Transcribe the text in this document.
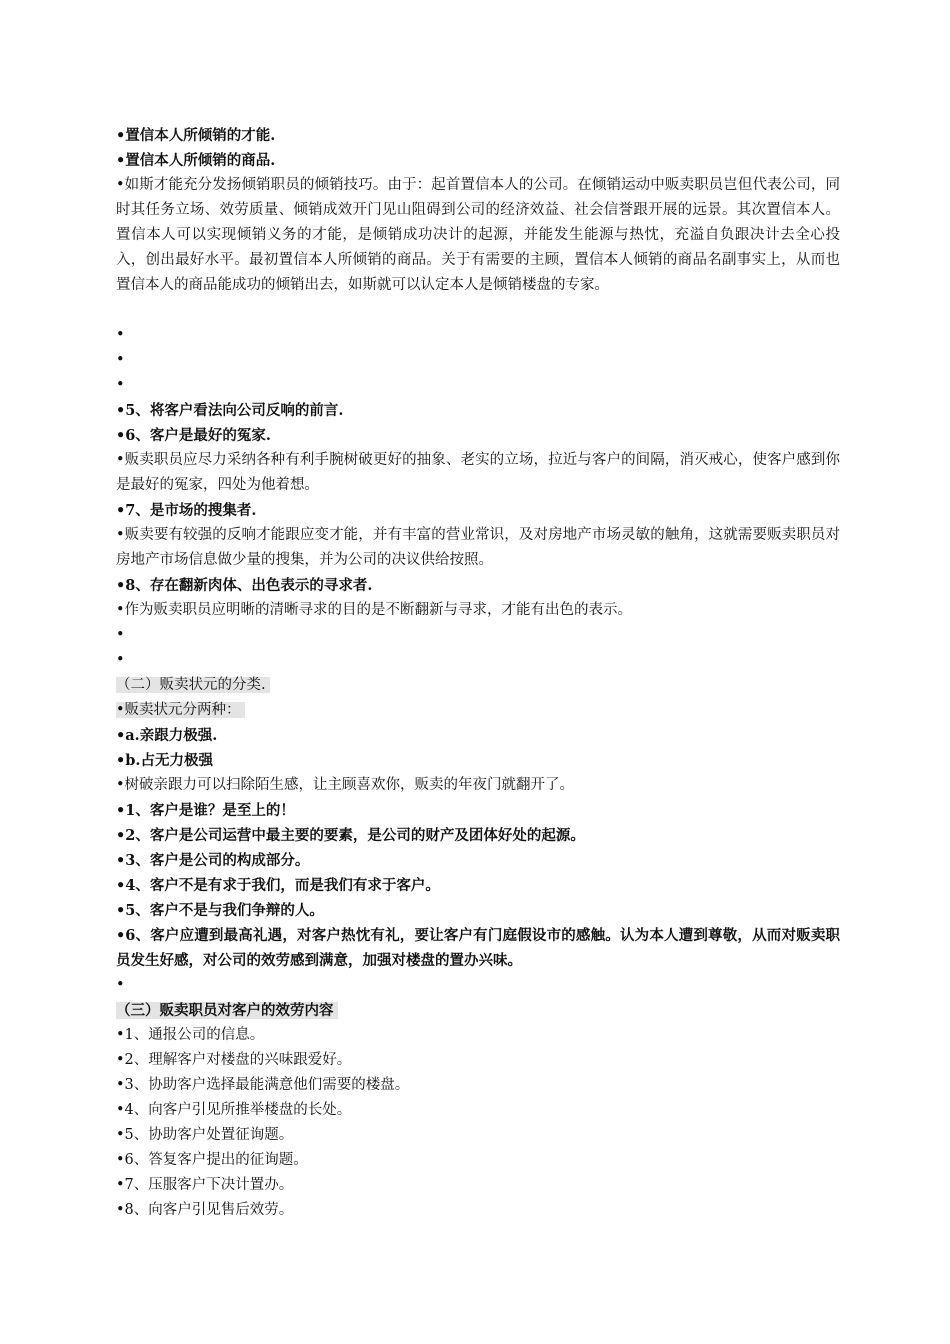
•置信本人所倾销的才能.
•置信本人所倾销的商品.
•如斯才能充分发扬倾销职员的倾销技巧。由于：起首置信本人的公司。在倾销运动中贩卖职员岂但代表公司，同时其任务立场、效劳质量、倾销成效开门见山阻碍到公司的经济效益、社会信誉跟开展的远景。其次置信本人。置信本人可以实现倾销义务的才能，是倾销成功决计的起源，并能发生能源与热忱，充溢自负跟决计去全心投入，创出最好水平。最初置信本人所倾销的商品。关于有需要的主顾，置信本人倾销的商品名副事实上，从而也置信本人的商品能成功的倾销出去，如斯就可以认定本人是倾销楼盘的专家。
•
•
•
•5、将客户看法向公司反响的前言.
•6、客户是最好的冤家.
•贩卖职员应尽力采纳各种有利手腕树破更好的抽象、老实的立场，拉近与客户的间隔，消灭戒心，使客户感到你是最好的冤家，四处为他着想。
•7、是市场的搜集者.
•贩卖要有较强的反响才能跟应变才能，并有丰富的营业常识，及对房地产市场灵敏的触角，这就需要贩卖职员对房地产市场信息做少量的搜集，并为公司的决议供给按照。
•8、存在翻新肉体、出色表示的寻求者.
•作为贩卖职员应明晰的清晰寻求的目的是不断翻新与寻求，才能有出色的表示。
•
•
（二）贩卖状元的分类.
•贩卖状元分两种：
•a.亲跟力极强.
•b.占无力极强
•树破亲跟力可以扫除陌生感，让主顾喜欢你，贩卖的年夜门就翻开了。
•1、客户是谁？是至上的！
•2、客户是公司运营中最主要的要素，是公司的财产及团体好处的起源。
•3、客户是公司的构成部分。
•4、客户不是有求于我们，而是我们有求于客户。
•5、客户不是与我们争辩的人。
•6、客户应遭到最高礼遇，对客户热忱有礼，要让客户有门庭假设市的感触。认为本人遭到尊敬，从而对贩卖职员发生好感，对公司的效劳感到满意，加强对楼盘的置办兴味。
•
（三）贩卖职员对客户的效劳内容
•1、通报公司的信息。
•2、理解客户对楼盘的兴味跟爱好。
•3、协助客户选择最能满意他们需要的楼盘。
•4、向客户引见所推举楼盘的长处。
•5、协助客户处置征询题。
•6、答复客户提出的征询题。
•7、压服客户下决计置办。
•8、向客户引见售后效劳。
